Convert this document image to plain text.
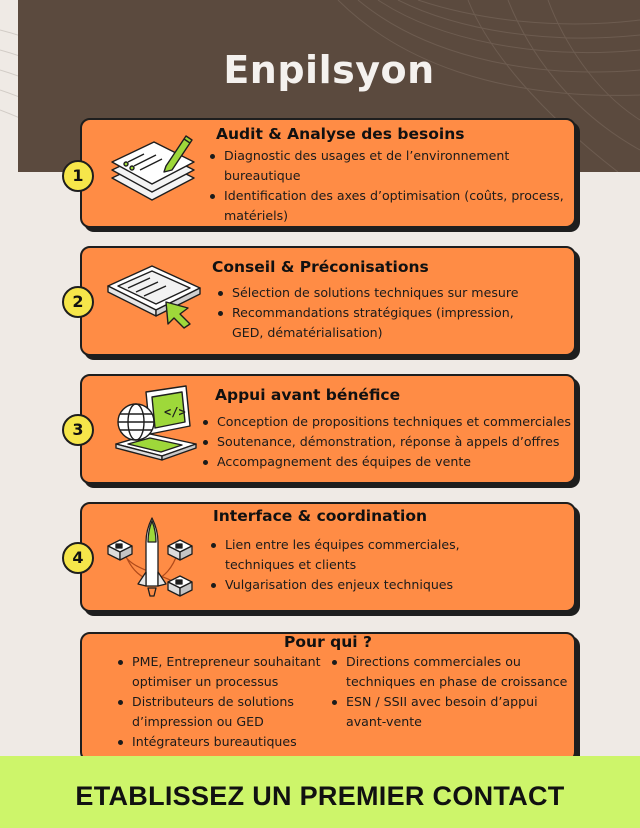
Enpilsyon
1
Audit & Analyse des besoins
Diagnostic des usages et de l’environnement
bureautique
Identification des axes d’optimisation (coûts, process,
matériels)
2
Conseil & Préconisations
Sélection de solutions techniques sur mesure
Recommandations stratégiques (impression,
GED, dématérialisation)
3
</>
Appui avant bénéfice
Conception de propositions techniques et commerciales
Soutenance, démonstration, réponse à appels d’offres
Accompagnement des équipes de vente
4
Interface & coordination
Lien entre les équipes commerciales,
techniques et clients
Vulgarisation des enjeux techniques
Pour qui ?
PME, Entrepreneur souhaitant
optimiser un processus
Distributeurs de solutions
d’impression ou GED
Intégrateurs bureautiques
Directions commerciales ou
techniques en phase de croissance
ESN / SSII avec besoin d’appui
avant-vente
ETABLISSEZ UN PREMIER CONTACT
